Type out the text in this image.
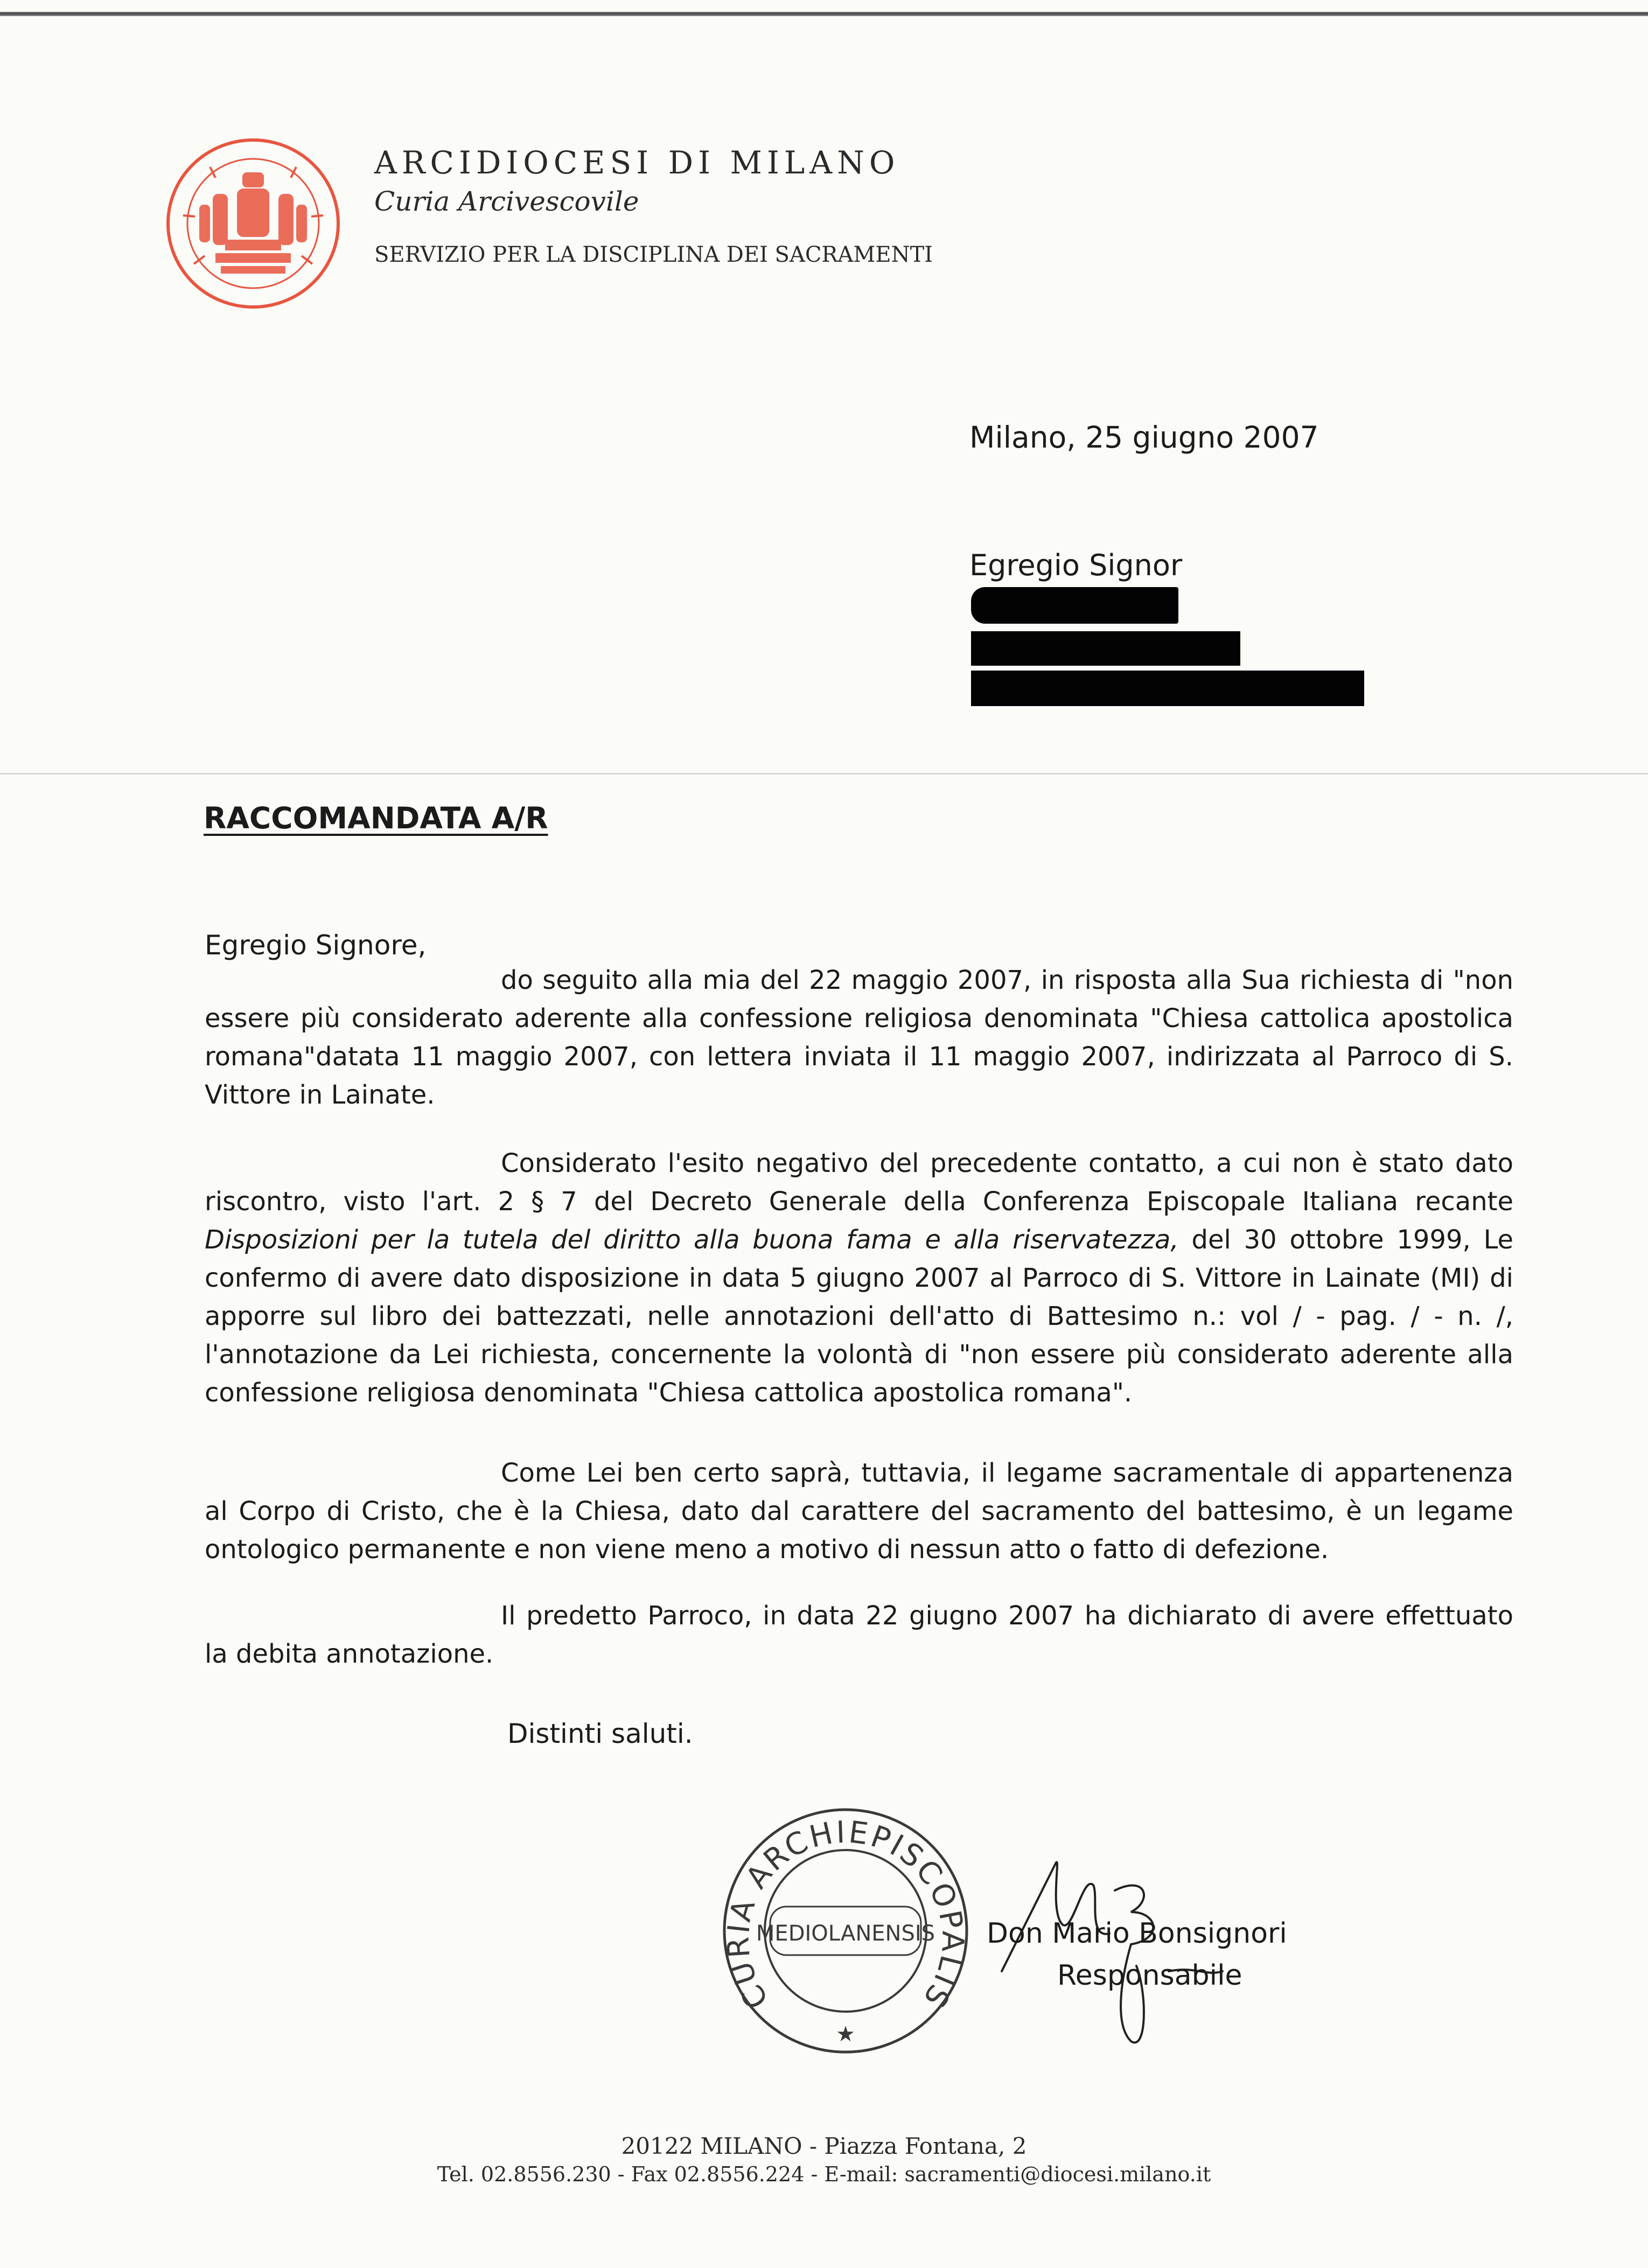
ARCIDIOCESI DI MILANO
Curia Arcivescovile
SERVIZIO PER LA DISCIPLINA DEI SACRAMENTI
Milano, 25 giugno 2007
Egregio Signor
RACCOMANDATA A/R
Egregio Signore,

do seguito alla mia del 22 maggio 2007, in risposta alla Sua richiesta di "non essere più considerato aderente alla confessione religiosa denominata "Chiesa cattolica apostolica romana"datata 11 maggio 2007, con lettera inviata il 11 maggio 2007, indirizzata al Parroco di S. Vittore in Lainate.

Considerato l'esito negativo del precedente contatto, a cui non è stato dato riscontro, visto l'art. 2 § 7 del Decreto Generale della Conferenza Episcopale Italiana recante Disposizioni per la tutela del diritto alla buona fama e alla riservatezza, del 30 ottobre 1999, Le confermo di avere dato disposizione in data 5 giugno 2007 al Parroco di S. Vittore in Lainate (MI) di apporre sul libro dei battezzati, nelle annotazioni dell'atto di Battesimo n.: vol / - pag. / - n. /, l'annotazione da Lei richiesta, concernente la volontà di "non essere più considerato aderente alla confessione religiosa denominata "Chiesa cattolica apostolica romana".

Come Lei ben certo saprà, tuttavia, il legame sacramentale di appartenenza al Corpo di Cristo, che è la Chiesa, dato dal carattere del sacramento del battesimo, è un legame ontologico permanente e non viene meno a motivo di nessun atto o fatto di defezione.

Il predetto Parroco, in data 22 giugno 2007 ha dichiarato di avere effettuato la debita annotazione.

Distinti saluti.
CURIA ARCHIEPISCOPALIS
MEDIOLANENSIS
★
Don Mario Bonsignori
Responsabile
20122 MILANO - Piazza Fontana, 2
Tel. 02.8556.230 - Fax 02.8556.224 - E-mail: sacramenti@diocesi.milano.it
